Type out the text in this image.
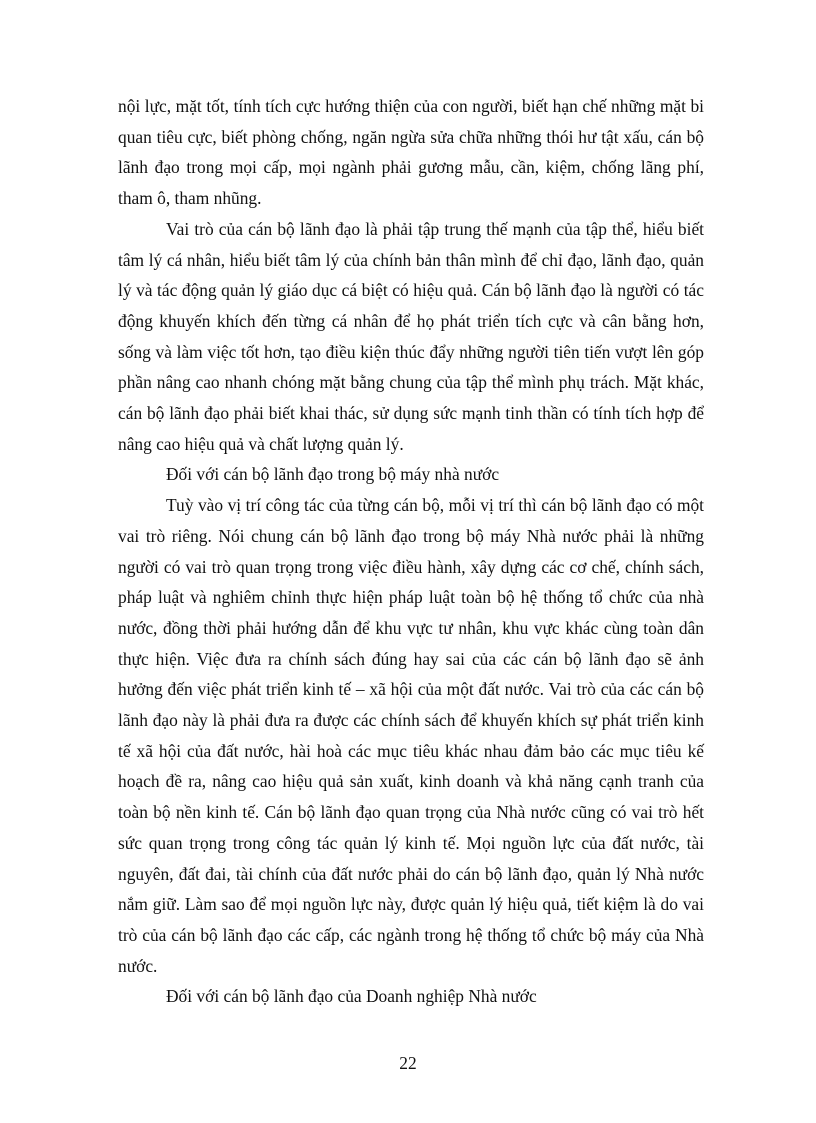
nội lực, mặt tốt, tính tích cực hướng thiện của con người, biết hạn chế những mặt bi quan tiêu cực, biết phòng chống, ngăn ngừa sửa chữa những thói hư tật xấu, cán bộ lãnh đạo trong mọi cấp, mọi ngành phải gương mẫu, cần, kiệm, chống lãng phí, tham ô, tham nhũng.

Vai trò của cán bộ lãnh đạo là phải tập trung thế mạnh của tập thể, hiểu biết tâm lý cá nhân, hiểu biết tâm lý của chính bản thân mình để chỉ đạo, lãnh đạo, quản lý và tác động quản lý giáo dục cá biệt có hiệu quả. Cán bộ lãnh đạo là người có tác động khuyến khích đến từng cá nhân để họ phát triển tích cực và cân bằng hơn, sống và làm việc tốt hơn, tạo điều kiện thúc đẩy những người tiên tiến vượt lên góp phần nâng cao nhanh chóng mặt bằng chung của tập thể mình phụ trách. Mặt khác, cán bộ lãnh đạo phải biết khai thác, sử dụng sức mạnh tinh thần có tính tích hợp để nâng cao hiệu quả và chất lượng quản lý.

Đối với cán bộ lãnh đạo trong bộ máy nhà nước

Tuỳ vào vị trí công tác của từng cán bộ, mỗi vị trí thì cán bộ lãnh đạo có một vai trò riêng. Nói chung cán bộ lãnh đạo trong bộ máy Nhà nước phải là những người có vai trò quan trọng trong việc điều hành, xây dựng các cơ chế, chính sách, pháp luật và nghiêm chỉnh thực hiện pháp luật toàn bộ hệ thống tổ chức của nhà nước, đồng thời phải hướng dẫn để khu vực tư nhân, khu vực khác cùng toàn dân thực hiện. Việc đưa ra chính sách đúng hay sai của các cán bộ lãnh đạo sẽ ảnh hưởng đến việc phát triển kinh tế – xã hội của một đất nước. Vai trò của các cán bộ lãnh đạo này là phải đưa ra được các chính sách để khuyến khích sự phát triển kinh tế xã hội của đất nước, hài hoà các mục tiêu khác nhau đảm bảo các mục tiêu kế hoạch đề ra, nâng cao hiệu quả sản xuất, kinh doanh và khả năng cạnh tranh của toàn bộ nền kinh tế. Cán bộ lãnh đạo quan trọng của Nhà nước cũng có vai trò hết sức quan trọng trong công tác quản lý kinh tế. Mọi nguồn lực của đất nước, tài nguyên, đất đai, tài chính của đất nước phải do cán bộ lãnh đạo, quản lý Nhà nước nắm giữ. Làm sao để mọi nguồn lực này, được quản lý hiệu quả, tiết kiệm là do vai trò của cán bộ lãnh đạo các cấp, các ngành trong hệ thống tổ chức bộ máy của Nhà nước.

Đối với cán bộ lãnh đạo của Doanh nghiệp Nhà nước

22
